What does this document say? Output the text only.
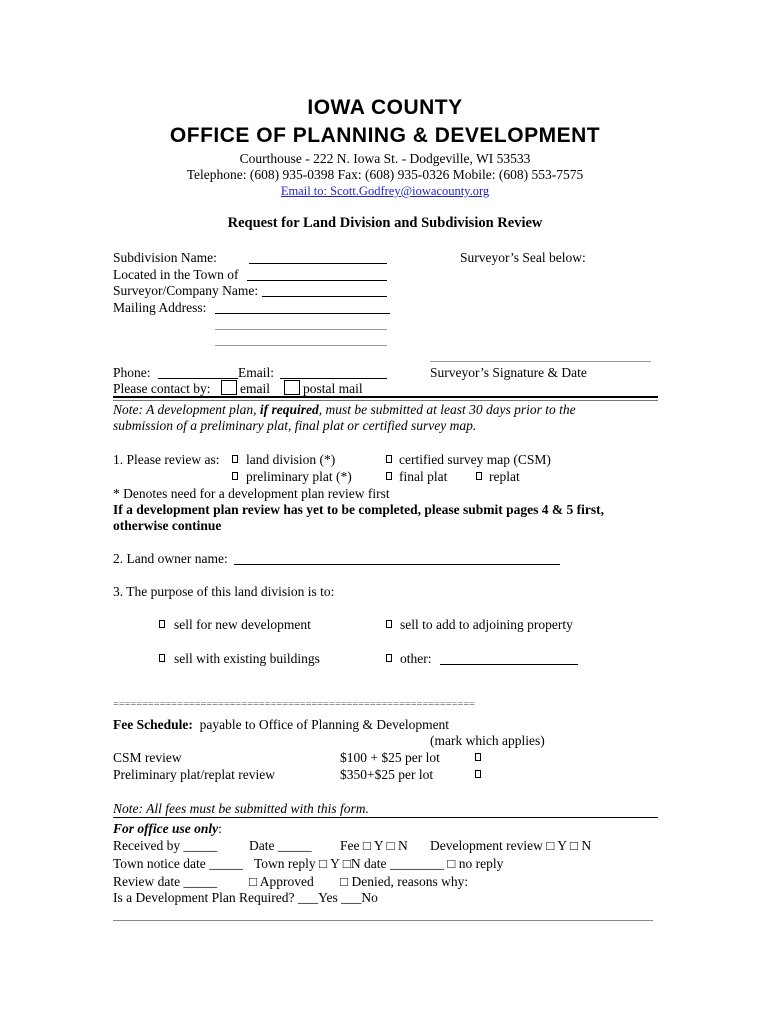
IOWA COUNTY
OFFICE OF PLANNING & DEVELOPMENT
Courthouse - 222 N. Iowa St. - Dodgeville, WI 53533
Telephone: (608) 935-0398 Fax: (608) 935-0326 Mobile: (608) 553-7575
Email to: Scott.Godfrey@iowacounty.org
Request for Land Division and Subdivision Review
Subdivision Name:
Located in the Town of
Surveyor/Company Name:
Mailing Address:
Surveyor’s Seal below:
Surveyor’s Signature & Date
Phone:	Email:
Please contact by: email postal mail
Note: A development plan, if required, must be submitted at least 30 days prior to the
submission of a preliminary plat, final plat or certified survey map.
1. Please review as: land division (*)	certified survey map (CSM)
preliminary plat (*)	final plat	replat
* Denotes need for a development plan review first
If a development plan review has yet to be completed, please submit pages 4 & 5 first,
otherwise continue
2. Land owner name:
3. The purpose of this land division is to:
sell for new development	sell to add to adjoining property
sell with existing buildings	other:
==============================================================
Fee Schedule: payable to Office of Planning & Development
(mark which applies)
CSM review	$100 + $25 per lot
Preliminary plat/replat review	$350+$25 per lot
Note: All fees must be submitted with this form.
For office use only:
Received by _____ Date _____ Fee □ Y □ N Development review □ Y □ N
Town notice date _____ Town reply □ Y □N date ________ □ no reply
Review date _____ □ Approved □ Denied, reasons why:
Is a Development Plan Required? ___Yes ___No
